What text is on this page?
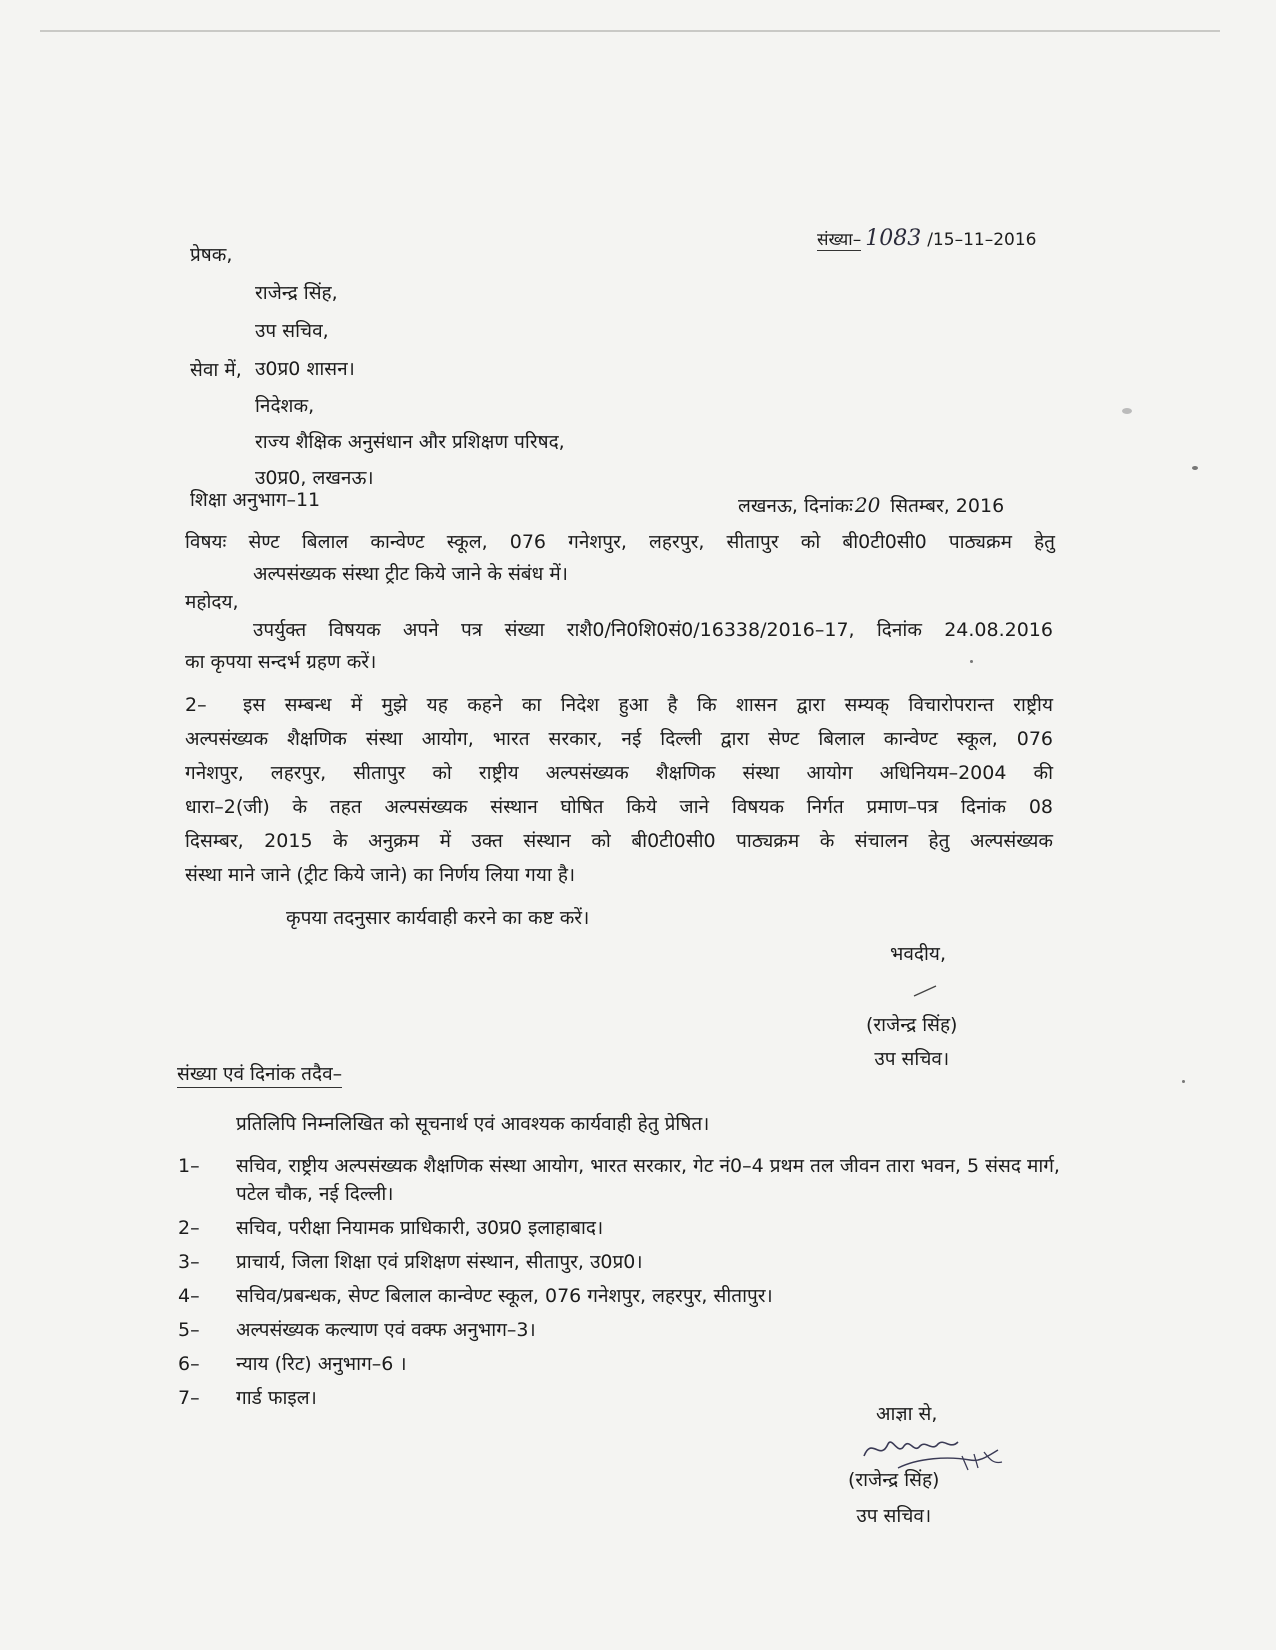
संख्या– 1083 /15–11–2016
प्रेषक,
राजेन्द्र सिंह,
उप सचिव,
उ0प्र0 शासन।
सेवा में,
निदेशक,
राज्य शैक्षिक अनुसंधान और प्रशिक्षण परिषद,
उ0प्र0, लखनऊ।
शिक्षा अनुभाग–11	लखनऊ, दिनांकः 20 सितम्बर, 2016
विषयः सेण्ट बिलाल कान्वेण्ट स्कूल, 076 गनेशपुर, लहरपुर, सीतापुर को बी0टी0सी0 पाठ्यक्रम हेतु
अल्पसंख्यक संस्था ट्रीट किये जाने के संबंध में।
महोदय,
उपर्युक्त विषयक अपने पत्र संख्या राशै0/नि0शि0सं0/16338/2016–17, दिनांक 24.08.2016
का कृपया सन्दर्भ ग्रहण करें।
2– इस सम्बन्ध में मुझे यह कहने का निदेश हुआ है कि शासन द्वारा सम्यक् विचारोपरान्त राष्ट्रीय
अल्पसंख्यक शैक्षणिक संस्था आयोग, भारत सरकार, नई दिल्ली द्वारा सेण्ट बिलाल कान्वेण्ट स्कूल, 076
गनेशपुर, लहरपुर, सीतापुर को राष्ट्रीय अल्पसंख्यक शैक्षणिक संस्था आयोग अधिनियम–2004 की
धारा–2(जी) के तहत अल्पसंख्यक संस्थान घोषित किये जाने विषयक निर्गत प्रमाण–पत्र दिनांक 08
दिसम्बर, 2015 के अनुक्रम में उक्त संस्थान को बी0टी0सी0 पाठ्यक्रम के संचालन हेतु अल्पसंख्यक
संस्था माने जाने (ट्रीट किये जाने) का निर्णय लिया गया है।
कृपया तदनुसार कार्यवाही करने का कष्ट करें।
भवदीय,
(राजेन्द्र सिंह)
उप सचिव।
संख्या एवं दिनांक तदैव–
प्रतिलिपि निम्नलिखित को सूचनार्थ एवं आवश्यक कार्यवाही हेतु प्रेषित।
1–	सचिव, राष्ट्रीय अल्पसंख्यक शैक्षणिक संस्था आयोग, भारत सरकार, गेट नं0–4 प्रथम तल जीवन तारा भवन, 5 संसद मार्ग, पटेल चौक, नई दिल्ली।
2–	सचिव, परीक्षा नियामक प्राधिकारी, उ0प्र0 इलाहाबाद।
3–	प्राचार्य, जिला शिक्षा एवं प्रशिक्षण संस्थान, सीतापुर, उ0प्र0।
4–	सचिव/प्रबन्धक, सेण्ट बिलाल कान्वेण्ट स्कूल, 076 गनेशपुर, लहरपुर, सीतापुर।
5–	अल्पसंख्यक कल्याण एवं वक्फ अनुभाग–3।
6–	न्याय (रिट) अनुभाग–6 ।
7–	गार्ड फाइल।
आज्ञा से,
(राजेन्द्र सिंह)
उप सचिव।
